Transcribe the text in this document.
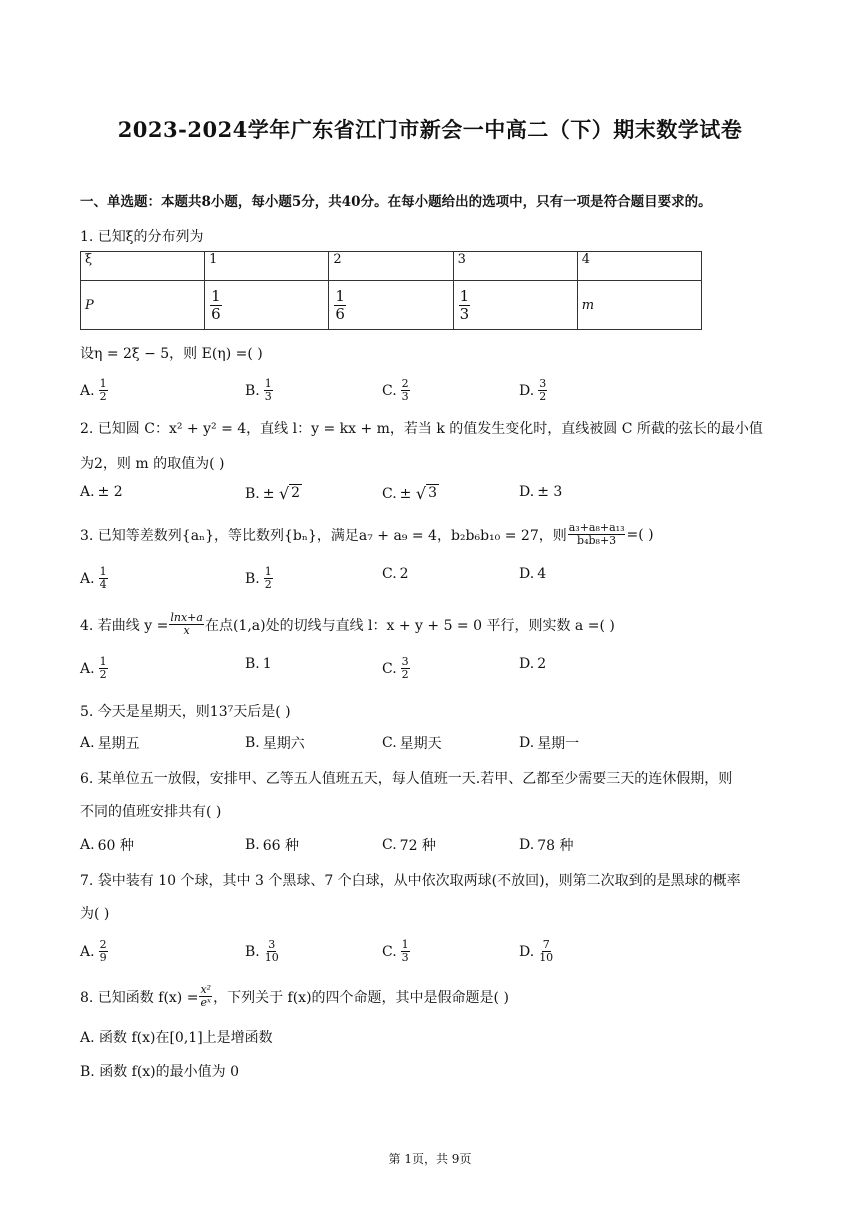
2023-2024学年广东省江门市新会一中高二（下）期末数学试卷
一、单选题：本题共8小题，每小题5分，共40分。在每小题给出的选项中，只有一项是符合题目要求的。
1. 已知ξ的分布列为
ξ	1	2	3	4
P	$\frac{1}{6}$	$\frac{1}{6}$	$\frac{1}{3}$	m
设η = 2ξ − 5，则 E(η) =( )
A. $\frac{1}{2}$	B. $\frac{1}{3}$	C. $\frac{2}{3}$	D. $\frac{3}{2}$
2. 已知圆 C：x² + y² = 4，直线 l：y = kx + m，若当 k 的值发生变化时，直线被圆 C 所截的弦长的最小值
为2，则 m 的取值为( )
A. ± 2	B. ±
√ 2	C. ±
√ 3	D. ± 3
3. 已知等差数列{aₙ}，等比数列{bₙ}，满足a₇ + a₉ = 4，b₂b₆b₁₀ = 27，则 $\frac{\text{a₃+a₈+a₁₃}}{\text{b₄b₈+3}}$ =( )
A. $\frac{1}{4}$	B. $\frac{1}{2}$	C. 2	D. 4
4. 若曲线 $y = \frac{\ln x+a}{x}$ 在点(1,a)处的切线与直线 l：x + y + 5 = 0 平行，则实数 a =( )
A. $\frac{1}{2}$	B. 1	C. $\frac{3}{2}$	D. 2
5. 今天是星期天，则13⁷天后是( )
A. 星期五	B. 星期六	C. 星期天	D. 星期一
6. 某单位五一放假，安排甲、乙等五人值班五天，每人值班一天.若甲、乙都至少需要三天的连休假期，则
不同的值班安排共有( )
A. 60 种	B. 66 种	C. 72 种	D. 78 种
7. 袋中装有 10 个球，其中 3 个黑球、7 个白球，从中依次取两球(不放回)，则第二次取到的是黑球的概率
为( )
A. $\frac{2}{9}$	B. $\frac{3}{10}$	C. $\frac{1}{3}$	D. $\frac{7}{10}$
8. 已知函数 $f(x) = \frac{\text{x²}}{\text{eˣ}}$ ，下列关于 f(x)的四个命题，其中是假命题是( )
A. 函数 f(x)在[0,1]上是增函数
B. 函数 f(x)的最小值为 0
第 1页，共 9页
